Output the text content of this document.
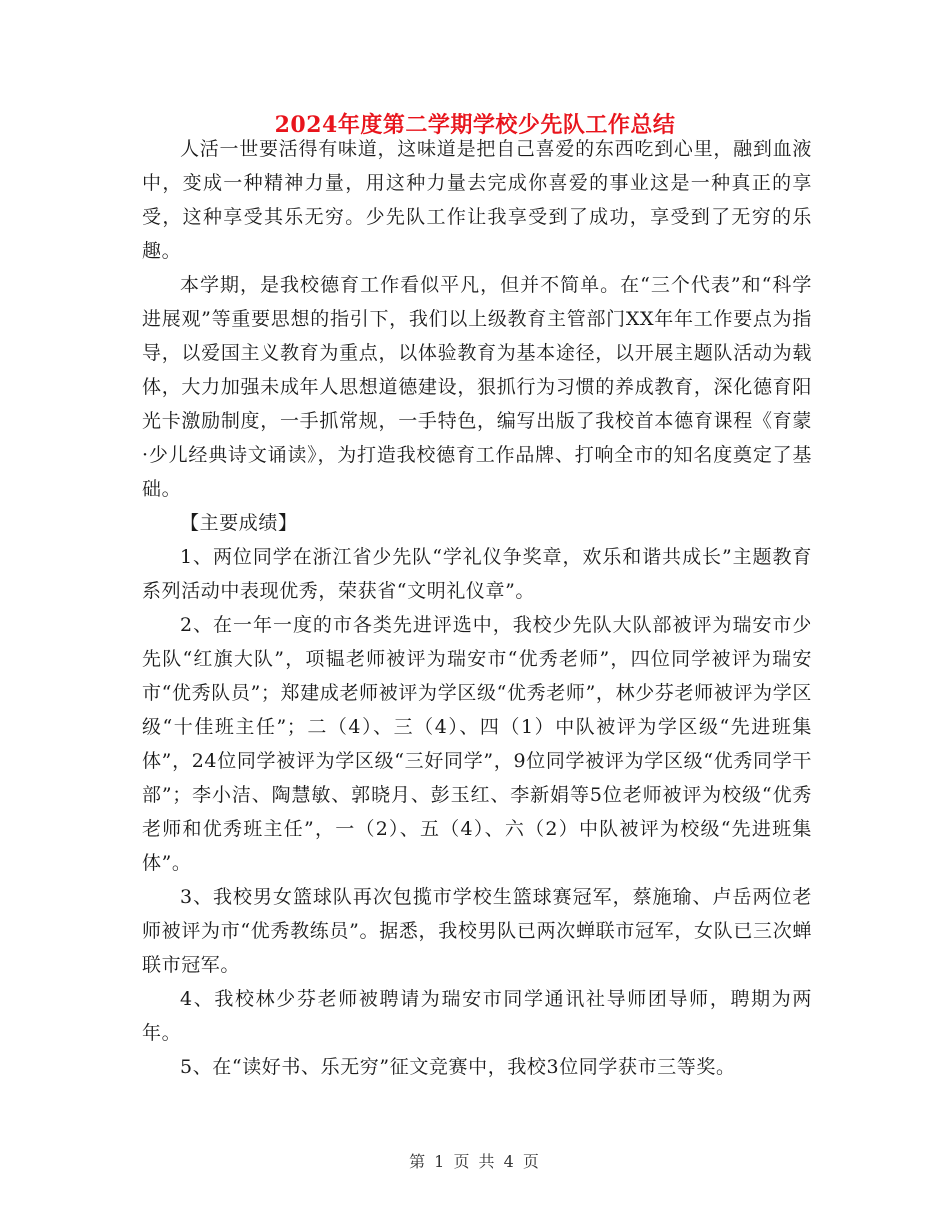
2024年度第二学期学校少先队工作总结

人活一世要活得有味道，这味道是把自己喜爱的东西吃到心里，融到血液中，变成一种精神力量，用这种力量去完成你喜爱的事业这是一种真正的享受，这种享受其乐无穷。少先队工作让我享受到了成功，享受到了无穷的乐趣。

本学期，是我校德育工作看似平凡，但并不简单。在“三个代表”和“科学进展观”等重要思想的指引下，我们以上级教育主管部门XX年年工作要点为指导，以爱国主义教育为重点，以体验教育为基本途径，以开展主题队活动为载体，大力加强未成年人思想道德建设，狠抓行为习惯的养成教育，深化德育阳光卡激励制度，一手抓常规，一手特色，编写出版了我校首本德育课程《育蒙·少儿经典诗文诵读》，为打造我校德育工作品牌、打响全市的知名度奠定了基础。

【主要成绩】

1、两位同学在浙江省少先队“学礼仪争奖章，欢乐和谐共成长”主题教育系列活动中表现优秀，荣获省“文明礼仪章”。

2、在一年一度的市各类先进评选中，我校少先队大队部被评为瑞安市少先队“红旗大队”，项韫老师被评为瑞安市“优秀老师”，四位同学被评为瑞安市“优秀队员”；郑建成老师被评为学区级“优秀老师”，林少芬老师被评为学区级“十佳班主任”；二（4）、三（4）、四（1）中队被评为学区级“先进班集体”，24位同学被评为学区级“三好同学”，9位同学被评为学区级“优秀同学干部”；李小洁、陶慧敏、郭晓月、彭玉红、李新娟等5位老师被评为校级“优秀老师和优秀班主任”，一（2）、五（4）、六（2）中队被评为校级“先进班集体”。

3、我校男女篮球队再次包揽市学校生篮球赛冠军，蔡施瑜、卢岳两位老师被评为市“优秀教练员”。据悉，我校男队已两次蝉联市冠军，女队已三次蝉联市冠军。

4、我校林少芬老师被聘请为瑞安市同学通讯社导师团导师，聘期为两年。

5、在“读好书、乐无穷”征文竞赛中，我校3位同学获市三等奖。

第 1 页 共 4 页
